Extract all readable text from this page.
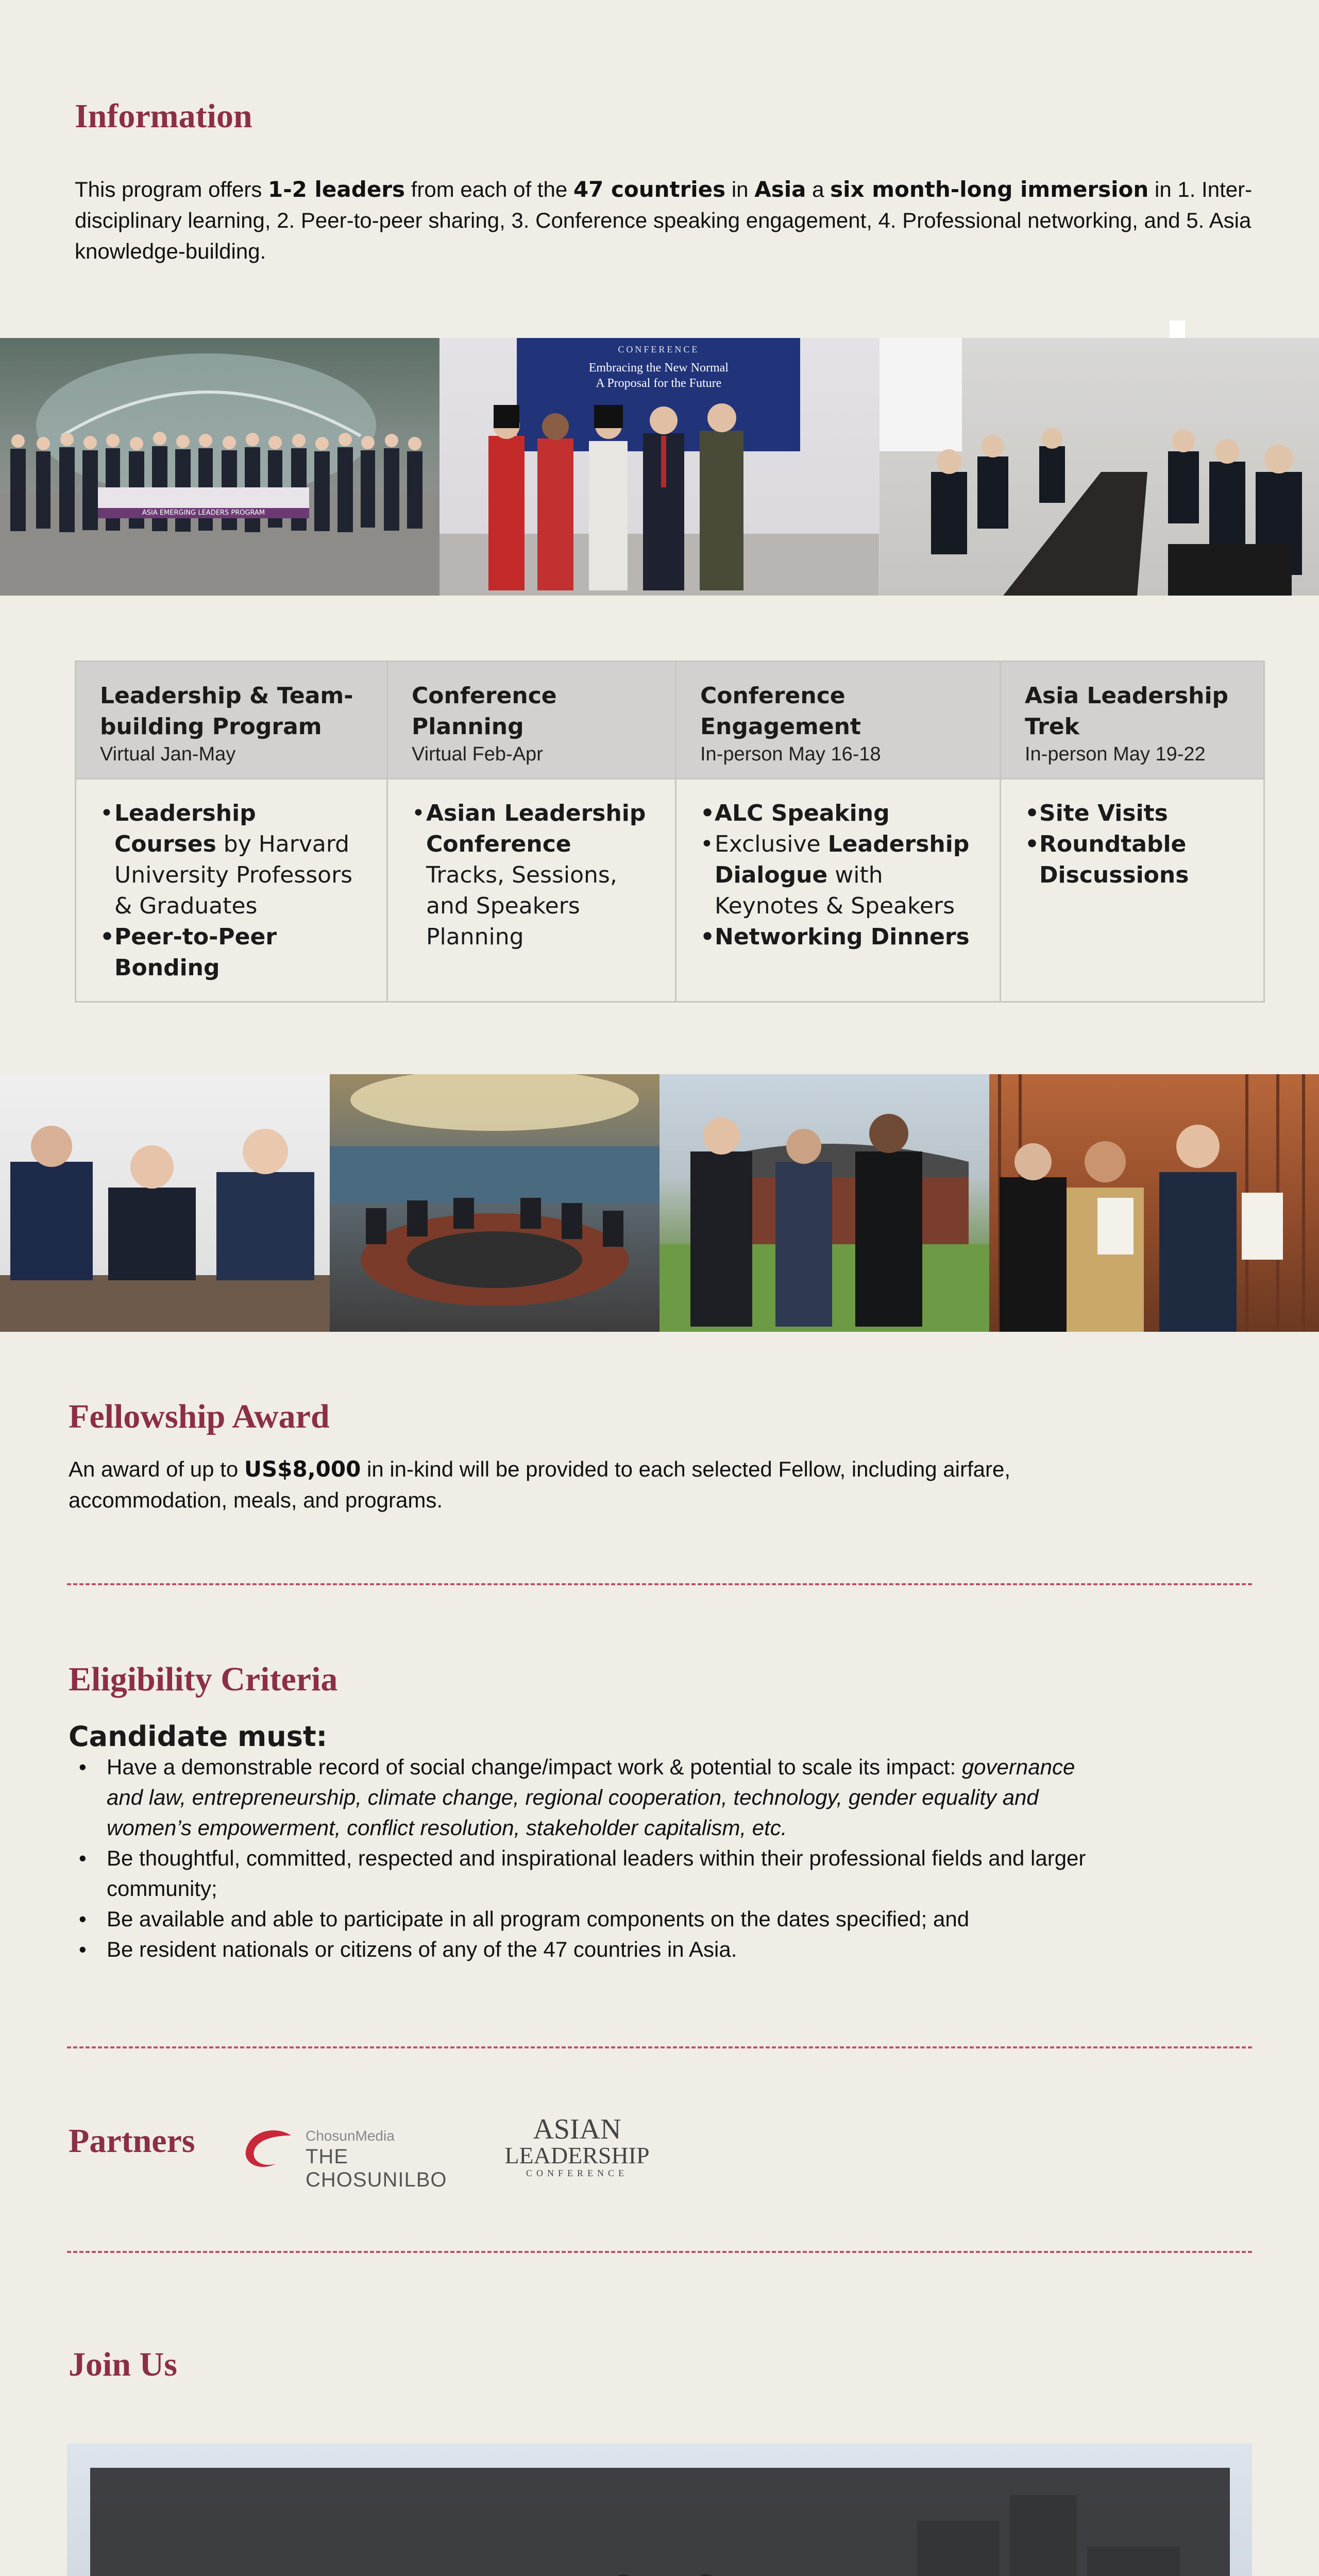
Information
This program offers 1-2 leaders from each of the 47 countries in Asia a six month-long immersion in 1. Inter-disciplinary learning, 2. Peer-to-peer sharing, 3. Conference speaking engagement, 4. Professional networking, and 5. Asia knowledge-building.
ASIA EMERGING LEADERS PROGRAM
CONFERENCE
Embracing the New Normal
A Proposal for the Future
Leadership & Team-building Program
Virtual Jan-May
Conference Planning
Virtual Feb-Apr
Conference Engagement
In-person May 16-18
Asia Leadership Trek
In-person May 19-22
• Leadership Courses by Harvard University Professors & Graduates
• Peer-to-Peer Bonding
• Asian Leadership Conference Tracks, Sessions, and Speakers Planning
• ALC Speaking
• Exclusive Leadership Dialogue with Keynotes & Speakers
• Networking Dinners
• Site Visits
• Roundtable Discussions
Fellowship Award
An award of up to US$8,000 in in-kind will be provided to each selected Fellow, including airfare, accommodation, meals, and programs.
Eligibility Criteria
Candidate must:
• Have a demonstrable record of social change/impact work & potential to scale its impact: governance and law, entrepreneurship, climate change, regional cooperation, technology, gender equality and women’s empowerment, conflict resolution, stakeholder capitalism, etc.
• Be thoughtful, committed, respected and inspirational leaders within their professional fields and larger community;
• Be available and able to participate in all program components on the dates specified; and
• Be resident nationals or citizens of any of the 47 countries in Asia.
Partners	ChosunMedia
THE CHOSUNILBO
ASIAN
LEADERSHIP
CONFERENCE
Join Us
